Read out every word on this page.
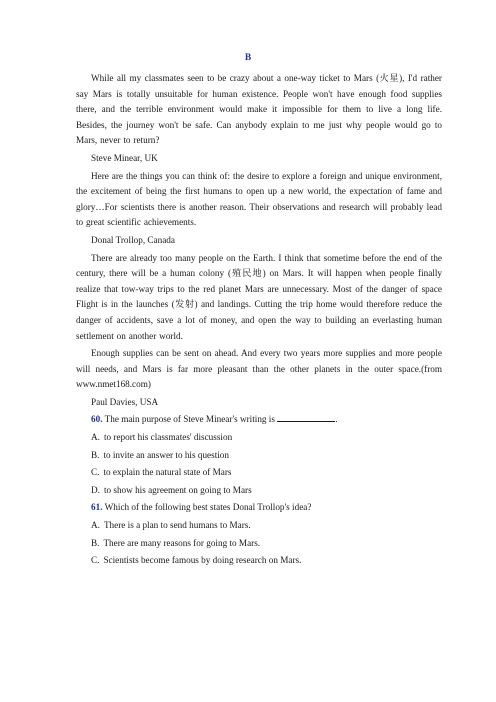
B

While all my classmates seen to be crazy about a one-way ticket to Mars (火星), I'd rather say Mars is totally unsuitable for human existence. People won't have enough food supplies there, and the terrible environment would make it impossible for them to live a long life. Besides, the journey won't be safe. Can anybody explain to me just why people would go to Mars, never to return?

Steve Minear, UK

Here are the things you can think of: the desire to explore a foreign and unique environment, the excitement of being the first humans to open up a new world, the expectation of fame and glory…For scientists there is another reason. Their observations and research will probably lead to great scientific achievements.

Donal Trollop, Canada

There are already too many people on the Earth. I think that sometime before the end of the century, there will be a human colony (殖民地) on Mars. It will happen when people finally realize that tow-way trips to the red planet Mars are unnecessary. Most of the danger of space Flight is in the launches (发射) and landings. Cutting the trip home would therefore reduce the danger of accidents, save a lot of money, and open the way to building an everlasting human settlement on another world.

Enough supplies can be sent on ahead. And every two years more supplies and more people will needs, and Mars is far more pleasant than the other planets in the outer space.(from www.nmet168.com)

Paul Davies, USA

60. The main purpose of Steve Minear's writing is	.

A. to report his classmates' discussion

B. to invite an answer to his question

C. to explain the natural state of Mars

D. to show his agreement on going to Mars

61. Which of the following best states Donal Trollop's idea?

A. There is a plan to send humans to Mars.

B. There are many reasons for going to Mars.

C. Scientists become famous by doing research on Mars.
